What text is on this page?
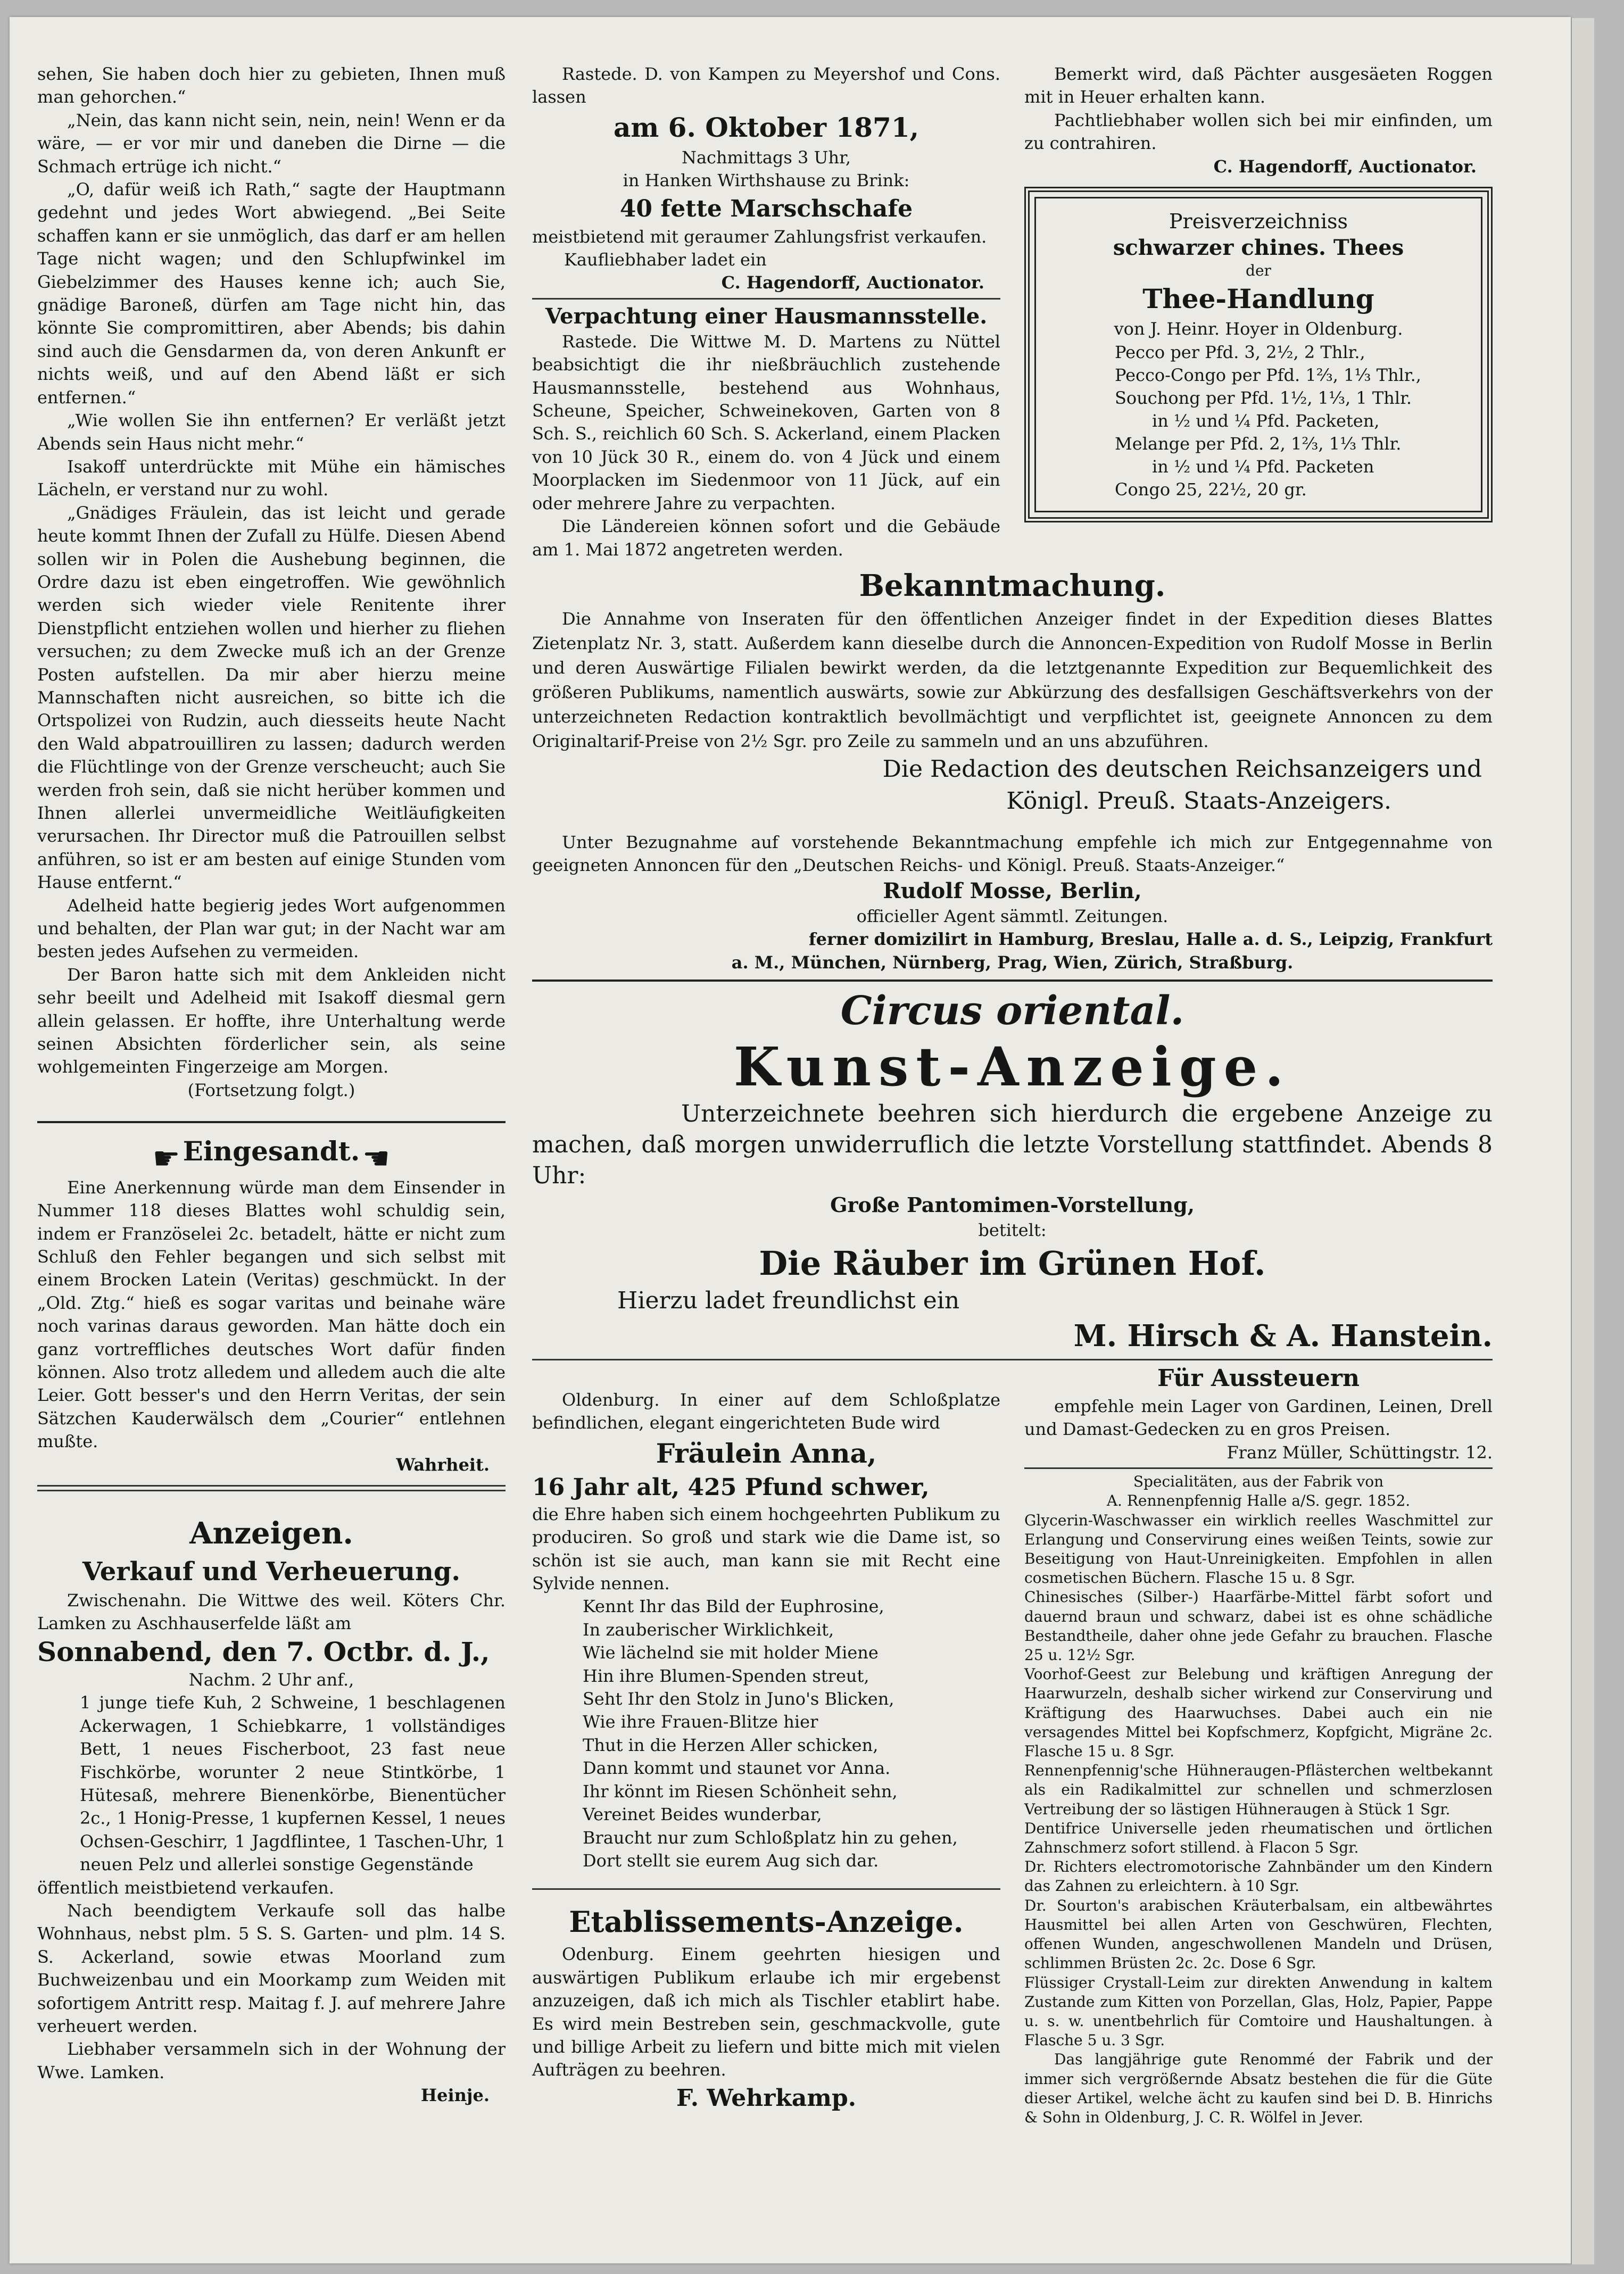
sehen, Sie haben doch hier zu gebieten, Ihnen muß man gehorchen.“

„Nein, das kann nicht sein, nein, nein! Wenn er da wäre, — er vor mir und daneben die Dirne — die Schmach ertrüge ich nicht.“

„O, dafür weiß ich Rath,“ sagte der Hauptmann gedehnt und jedes Wort abwiegend. „Bei Seite schaffen kann er sie unmöglich, das darf er am hellen Tage nicht wagen; und den Schlupfwinkel im Giebelzimmer des Hauses kenne ich; auch Sie, gnädige Baroneß, dürfen am Tage nicht hin, das könnte Sie compromittiren, aber Abends; bis dahin sind auch die Gensdarmen da, von deren Ankunft er nichts weiß, und auf den Abend läßt er sich entfernen.“

„Wie wollen Sie ihn entfernen? Er verläßt jetzt Abends sein Haus nicht mehr.“

Isakoff unterdrückte mit Mühe ein hämisches Lächeln, er verstand nur zu wohl.

„Gnädiges Fräulein, das ist leicht und gerade heute kommt Ihnen der Zufall zu Hülfe. Diesen Abend sollen wir in Polen die Aushebung beginnen, die Ordre dazu ist eben eingetroffen. Wie gewöhnlich werden sich wieder viele Renitente ihrer Dienstpflicht entziehen wollen und hierher zu fliehen versuchen; zu dem Zwecke muß ich an der Grenze Posten aufstellen. Da mir aber hierzu meine Mannschaften nicht ausreichen, so bitte ich die Ortspolizei von Rudzin, auch diesseits heute Nacht den Wald abpatrouilliren zu lassen; dadurch werden die Flüchtlinge von der Grenze verscheucht; auch Sie werden froh sein, daß sie nicht herüber kommen und Ihnen allerlei unvermeidliche Weitläufigkeiten verursachen. Ihr Director muß die Patrouillen selbst anführen, so ist er am besten auf einige Stunden vom Hause entfernt.“

Adelheid hatte begierig jedes Wort aufgenommen und behalten, der Plan war gut; in der Nacht war am besten jedes Aufsehen zu vermeiden.

Der Baron hatte sich mit dem Ankleiden nicht sehr beeilt und Adelheid mit Isakoff diesmal gern allein gelassen. Er hoffte, ihre Unterhaltung werde seinen Absichten förderlicher sein, als seine wohlgemeinten Fingerzeige am Morgen.

(Fortsetzung folgt.)

☛ Eingesandt. ☛

Eine Anerkennung würde man dem Einsender in Nummer 118 dieses Blattes wohl schuldig sein, indem er Französelei 2c. betadelt, hätte er nicht zum Schluß den Fehler begangen und sich selbst mit einem Brocken Latein (Veritas) geschmückt. In der „Old. Ztg.“ hieß es sogar varitas und beinahe wäre noch varinas daraus geworden. Man hätte doch ein ganz vortreffliches deutsches Wort dafür finden können. Also trotz alledem und alledem auch die alte Leier. Gott besser's und den Herrn Veritas, der sein Sätzchen Kauderwälsch dem „Courier“ entlehnen mußte.

Wahrheit.

Anzeigen.

Verkauf und Verheuerung.

Zwischenahn. Die Wittwe des weil. Köters Chr. Lamken zu Aschhauserfelde läßt am

Sonnabend, den 7. Octbr. d. J.,

Nachm. 2 Uhr anf.,

1 junge tiefe Kuh, 2 Schweine, 1 beschlagenen Ackerwagen, 1 Schiebkarre, 1 vollständiges Bett, 1 neues Fischerboot, 23 fast neue Fischkörbe, worunter 2 neue Stintkörbe, 1 Hütesaß, mehrere Bienenkörbe, Bienentücher 2c., 1 Honig-Presse, 1 kupfernen Kessel, 1 neues Ochsen-Geschirr, 1 Jagdflintee, 1 Taschen-Uhr, 1 neuen Pelz und allerlei sonstige Gegenstände

öffentlich meistbietend verkaufen.

Nach beendigtem Verkaufe soll das halbe Wohnhaus, nebst plm. 5 S. S. Garten- und plm. 14 S. S. Ackerland, sowie etwas Moorland zum Buchweizenbau und ein Moorkamp zum Weiden mit sofortigem Antritt resp. Maitag f. J. auf mehrere Jahre verheuert werden.

Liebhaber versammeln sich in der Wohnung der Wwe. Lamken.

Heinje.

Rastede. D. von Kampen zu Meyershof und Cons. lassen

am 6. Oktober 1871,

Nachmittags 3 Uhr,

in Hanken Wirthshause zu Brink:

40 fette Marschschafe

meistbietend mit geraumer Zahlungsfrist verkaufen.

Kaufliebhaber ladet ein

C. Hagendorff, Auctionator.

Verpachtung einer Hausmannsstelle.

Rastede. Die Wittwe M. D. Martens zu Nüttel beabsichtigt die ihr nießbräuchlich zustehende Hausmannsstelle, bestehend aus Wohnhaus, Scheune, Speicher, Schweinekoven, Garten von 8 Sch. S., reichlich 60 Sch. S. Ackerland, einem Placken von 10 Jück 30 R., einem do. von 4 Jück und einem Moorplacken im Siedenmoor von 11 Jück, auf ein oder mehrere Jahre zu verpachten.

Die Ländereien können sofort und die Gebäude am 1. Mai 1872 angetreten werden.

Bemerkt wird, daß Pächter ausgesäeten Roggen mit in Heuer erhalten kann.

Pachtliebhaber wollen sich bei mir einfinden, um zu contrahiren.

C. Hagendorff, Auctionator.

Preisverzeichniss

schwarzer chines. Thees

der

Thee-Handlung

von J. Heinr. Hoyer in Oldenburg.

Pecco per Pfd. 3, 2½, 2 Thlr.,

Pecco-Congo per Pfd. 1⅔, 1⅓ Thlr.,

Souchong per Pfd. 1½, 1⅓, 1 Thlr.

in ½ und ¼ Pfd. Packeten,

Melange per Pfd. 2, 1⅔, 1⅓ Thlr.

in ½ und ¼ Pfd. Packeten

Congo 25, 22½, 20 gr.

Bekanntmachung.

Die Annahme von Inseraten für den öffentlichen Anzeiger findet in der Expedition dieses Blattes Zietenplatz Nr. 3, statt. Außerdem kann dieselbe durch die Annoncen-Expedition von Rudolf Mosse in Berlin und deren Auswärtige Filialen bewirkt werden, da die letztgenannte Expedition zur Bequemlichkeit des größeren Publikums, namentlich auswärts, sowie zur Abkürzung des desfallsigen Geschäftsverkehrs von der unterzeichneten Redaction kontraktlich bevollmächtigt und verpflichtet ist, geeignete Annoncen zu dem Originaltarif-Preise von 2½ Sgr. pro Zeile zu sammeln und an uns abzuführen.

Die Redaction des deutschen Reichsanzeigers und

Königl. Preuß. Staats-Anzeigers.

Unter Bezugnahme auf vorstehende Bekanntmachung empfehle ich mich zur Entgegennahme von geeigneten Annoncen für den „Deutschen Reichs- und Königl. Preuß. Staats-Anzeiger.“

Rudolf Mosse, Berlin,

officieller Agent sämmtl. Zeitungen.

ferner domizilirt in Hamburg, Breslau, Halle a. d. S., Leipzig, Frankfurt

a. M., München, Nürnberg, Prag, Wien, Zürich, Straßburg.

Circus oriental.

Kunst-Anzeige.

Unterzeichnete beehren sich hierdurch die ergebene Anzeige zu machen, daß morgen unwiderruflich die letzte Vorstellung stattfindet. Abends 8 Uhr:

Große Pantomimen-Vorstellung,

betitelt:

Die Räuber im Grünen Hof.

Hierzu ladet freundlichst ein

M. Hirsch & A. Hanstein.

Oldenburg. In einer auf dem Schloßplatze befindlichen, elegant eingerichteten Bude wird

Fräulein Anna,

16 Jahr alt, 425 Pfund schwer,

die Ehre haben sich einem hochgeehrten Publikum zu produciren. So groß und stark wie die Dame ist, so schön ist sie auch, man kann sie mit Recht eine Sylvide nennen.

Kennt Ihr das Bild der Euphrosine,

In zauberischer Wirklichkeit,

Wie lächelnd sie mit holder Miene

Hin ihre Blumen-Spenden streut,

Seht Ihr den Stolz in Juno's Blicken,

Wie ihre Frauen-Blitze hier

Thut in die Herzen Aller schicken,

Dann kommt und staunet vor Anna.

Ihr könnt im Riesen Schönheit sehn,

Vereinet Beides wunderbar,

Braucht nur zum Schloßplatz hin zu gehen,

Dort stellt sie eurem Aug sich dar.

Etablissements-Anzeige.

Odenburg. Einem geehrten hiesigen und auswärtigen Publikum erlaube ich mir ergebenst anzuzeigen, daß ich mich als Tischler etablirt habe. Es wird mein Bestreben sein, geschmackvolle, gute und billige Arbeit zu liefern und bitte mich mit vielen Aufträgen zu beehren.

F. Wehrkamp.

Für Aussteuern

empfehle mein Lager von Gardinen, Leinen, Drell und Damast-Gedecken zu en gros Preisen.

Franz Müller, Schüttingstr. 12.

Specialitäten, aus der Fabrik von

A. Rennenpfennig Halle a/S. gegr. 1852.

Glycerin-Waschwasser ein wirklich reelles Waschmittel zur Erlangung und Conservirung eines weißen Teints, sowie zur Beseitigung von Haut-Unreinigkeiten. Empfohlen in allen cosmetischen Büchern. Flasche 15 u. 8 Sgr.

Chinesisches (Silber-) Haarfärbe-Mittel färbt sofort und dauernd braun und schwarz, dabei ist es ohne schädliche Bestandtheile, daher ohne jede Gefahr zu brauchen. Flasche 25 u. 12½ Sgr.

Voorhof-Geest zur Belebung und kräftigen Anregung der Haarwurzeln, deshalb sicher wirkend zur Conservirung und Kräftigung des Haarwuchses. Dabei auch ein nie versagendes Mittel bei Kopfschmerz, Kopfgicht, Migräne 2c. Flasche 15 u. 8 Sgr.

Rennenpfennig'sche Hühneraugen-Pflästerchen weltbekannt als ein Radikalmittel zur schnellen und schmerzlosen Vertreibung der so lästigen Hühneraugen à Stück 1 Sgr.

Dentifrice Universelle jeden rheumatischen und örtlichen Zahnschmerz sofort stillend. à Flacon 5 Sgr.

Dr. Richters electromotorische Zahnbänder um den Kindern das Zahnen zu erleichtern. à 10 Sgr.

Dr. Sourton's arabischen Kräuterbalsam, ein altbewährtes Hausmittel bei allen Arten von Geschwüren, Flechten, offenen Wunden, angeschwollenen Mandeln und Drüsen, schlimmen Brüsten 2c. 2c. Dose 6 Sgr.

Flüssiger Crystall-Leim zur direkten Anwendung in kaltem Zustande zum Kitten von Porzellan, Glas, Holz, Papier, Pappe u. s. w. unentbehrlich für Comtoire und Haushaltungen. à Flasche 5 u. 3 Sgr.

Das langjährige gute Renommé der Fabrik und der immer sich vergrößernde Absatz bestehen die für die Güte dieser Artikel, welche ächt zu kaufen sind bei D. B. Hinrichs & Sohn in Oldenburg, J. C. R. Wölfel in Jever.
